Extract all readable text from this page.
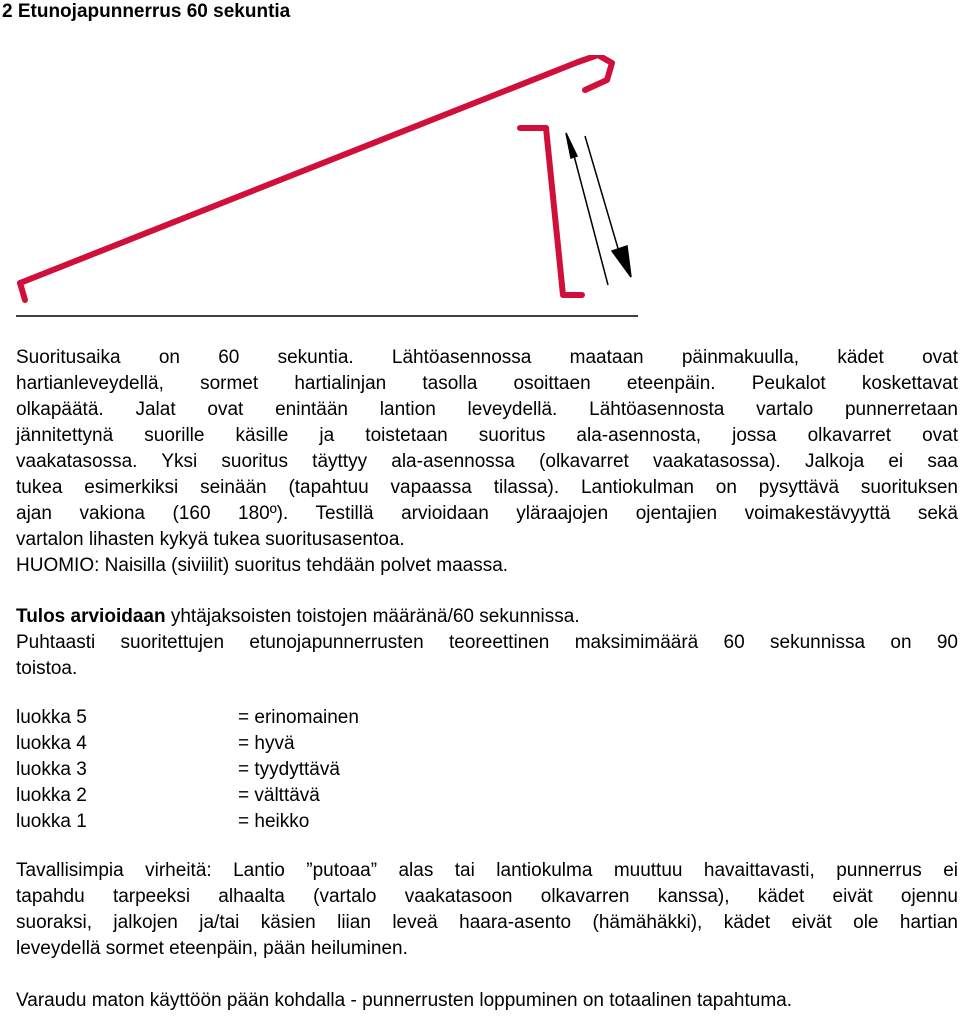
2 Etunojapunnerrus 60 sekuntia
Suoritusaika on 60 sekuntia. Lähtöasennossa maataan päinmakuulla, kädet ovat
hartianleveydellä, sormet hartialinjan tasolla osoittaen eteenpäin. Peukalot koskettavat
olkapäätä. Jalat ovat enintään lantion leveydellä. Lähtöasennosta vartalo punnerretaan
jännitettynä suorille käsille ja toistetaan suoritus ala-asennosta, jossa olkavarret ovat
vaakatasossa. Yksi suoritus täyttyy ala-asennossa (olkavarret vaakatasossa). Jalkoja ei saa
tukea esimerkiksi seinään (tapahtuu vapaassa tilassa). Lantiokulman on pysyttävä suorituksen
ajan vakiona (160 180º). Testillä arvioidaan yläraajojen ojentajien voimakestävyyttä sekä
vartalon lihasten kykyä tukea suoritusasentoa.
HUOMIO: Naisilla (siviilit) suoritus tehdään polvet maassa.
Tulos arvioidaan yhtäjaksoisten toistojen määränä/60 sekunnissa.
Puhtaasti suoritettujen etunojapunnerrusten teoreettinen maksimimäärä 60 sekunnissa on 90
toistoa.
luokka 5	= erinomainen
luokka 4	= hyvä
luokka 3	= tyydyttävä
luokka 2	= välttävä
luokka 1	= heikko
Tavallisimpia virheitä: Lantio ”putoaa” alas tai lantiokulma muuttuu havaittavasti, punnerrus ei
tapahdu tarpeeksi alhaalta (vartalo vaakatasoon olkavarren kanssa), kädet eivät ojennu
suoraksi, jalkojen ja/tai käsien liian leveä haara-asento (hämähäkki), kädet eivät ole hartian
leveydellä sormet eteenpäin, pään heiluminen.
Varaudu maton käyttöön pään kohdalla - punnerrusten loppuminen on totaalinen tapahtuma.
